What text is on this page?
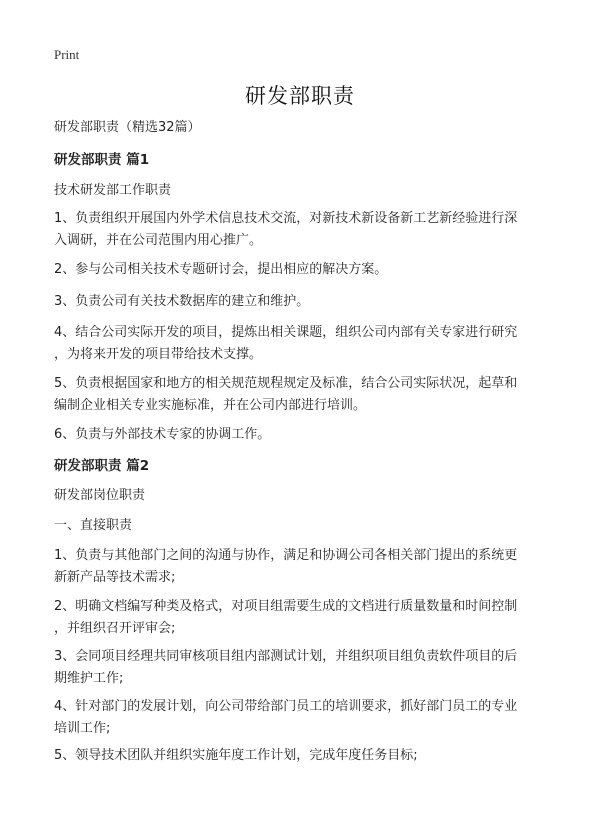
Print
研发部职责
研发部职责（精选32篇）
研发部职责 篇1
技术研发部工作职责
1、负责组织开展国内外学术信息技术交流，对新技术新设备新工艺新经验进行深
入调研，并在公司范围内用心推广。
2、参与公司相关技术专题研讨会，提出相应的解决方案。
3、负责公司有关技术数据库的建立和维护。
4、结合公司实际开发的项目，提炼出相关课题，组织公司内部有关专家进行研究
，为将来开发的项目带给技术支撑。
5、负责根据国家和地方的相关规范规程规定及标准，结合公司实际状况，起草和
编制企业相关专业实施标准，并在公司内部进行培训。
6、负责与外部技术专家的协调工作。
研发部职责 篇2
研发部岗位职责
一、直接职责
1、负责与其他部门之间的沟通与协作，满足和协调公司各相关部门提出的系统更
新新产品等技术需求;
2、明确文档编写种类及格式，对项目组需要生成的文档进行质量数量和时间控制
，并组织召开评审会;
3、会同项目经理共同审核项目组内部测试计划，并组织项目组负责软件项目的后
期维护工作;
4、针对部门的发展计划，向公司带给部门员工的培训要求，抓好部门员工的专业
培训工作;
5、领导技术团队并组织实施年度工作计划，完成年度任务目标;
